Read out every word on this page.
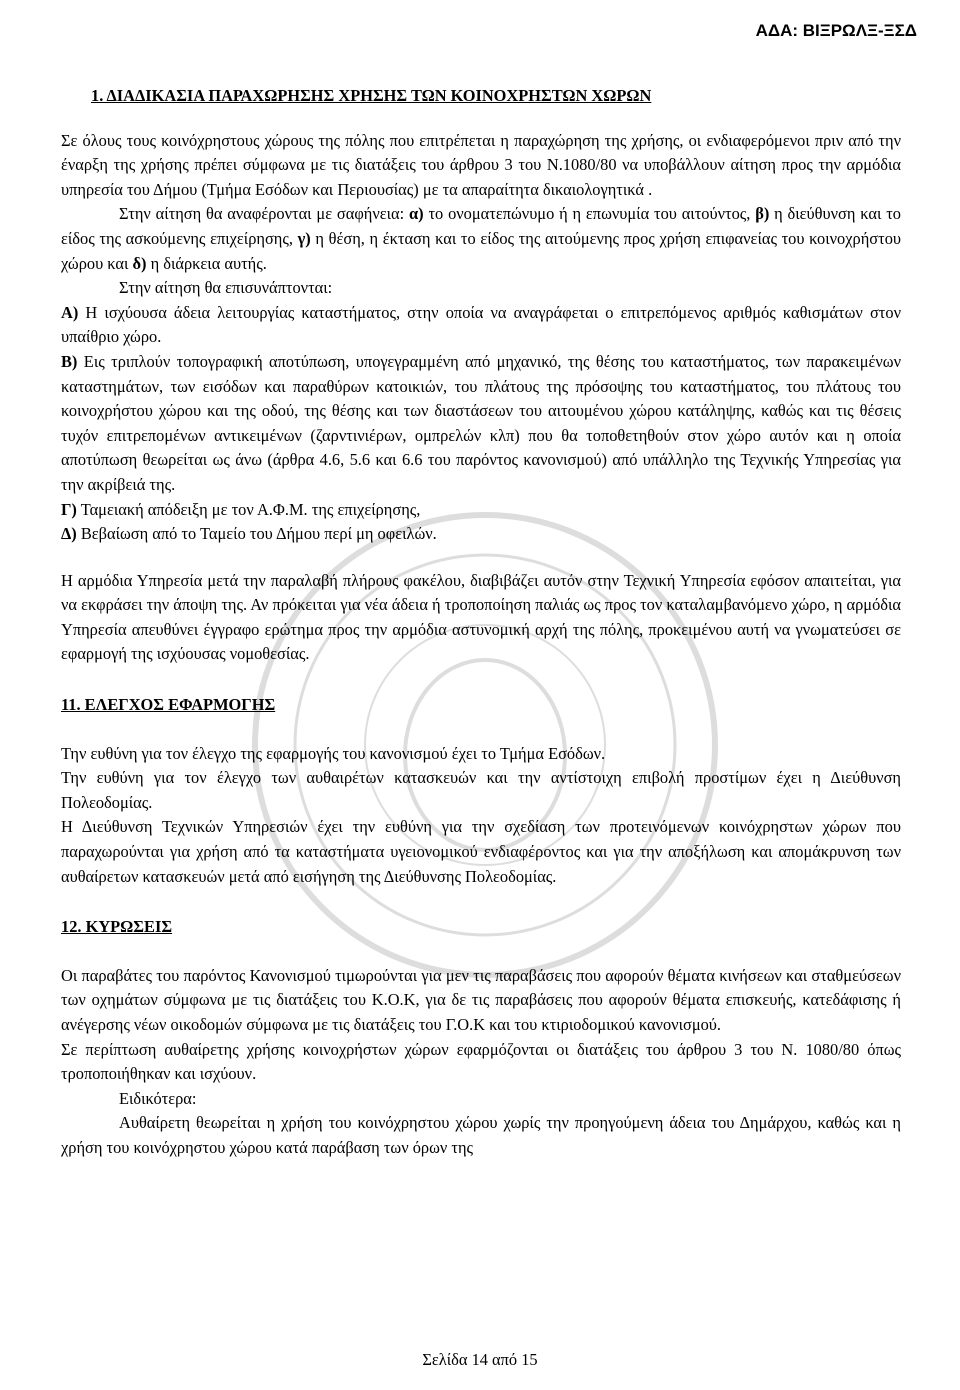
ΑΔΑ: ΒΙΞΡΩΛΞ-ΞΣΔ

1. ΔΙΑΔΙΚΑΣΙΑ ΠΑΡΑΧΩΡΗΣΗΣ ΧΡΗΣΗΣ ΤΩΝ ΚΟΙΝΟΧΡΗΣΤΩΝ ΧΩΡΩΝ

Σε όλους τους κοινόχρηστους χώρους της πόλης που επιτρέπεται η παραχώρηση της χρήσης, οι ενδιαφερόμενοι πριν από την έναρξη της χρήσης πρέπει σύμφωνα με τις διατάξεις του άρθρου 3 του Ν.1080/80 να υποβάλλουν αίτηση προς την αρμόδια υπηρεσία του Δήμου (Τμήμα Εσόδων και Περιουσίας) με τα απαραίτητα δικαιολογητικά .

Στην αίτηση θα αναφέρονται με σαφήνεια: α) το ονοματεπώνυμο ή η επωνυμία του αιτούντος, β) η διεύθυνση και το είδος της ασκούμενης επιχείρησης, γ) η θέση, η έκταση και το είδος της αιτούμενης προς χρήση επιφανείας του κοινοχρήστου χώρου και δ) η διάρκεια αυτής.

Στην αίτηση θα επισυνάπτονται:

Α) Η ισχύουσα άδεια λειτουργίας καταστήματος, στην οποία να αναγράφεται ο επιτρεπόμενος αριθμός καθισμάτων στον υπαίθριο χώρο.

Β) Εις τριπλούν τοπογραφική αποτύπωση, υπογεγραμμένη από μηχανικό, της θέσης του καταστήματος, των παρακειμένων καταστημάτων, των εισόδων και παραθύρων κατοικιών, του πλάτους της πρόσοψης του καταστήματος, του πλάτους του κοινοχρήστου χώρου και της οδού, της θέσης και των διαστάσεων του αιτουμένου χώρου κατάληψης, καθώς και τις θέσεις τυχόν επιτρεπομένων αντικειμένων (ζαρντινιέρων, ομπρελών κλπ) που θα τοποθετηθούν στον χώρο αυτόν και η οποία αποτύπωση θεωρείται ως άνω (άρθρα 4.6, 5.6 και 6.6 του παρόντος κανονισμού) από υπάλληλο της Τεχνικής Υπηρεσίας για την ακρίβειά της.

Γ) Ταμειακή απόδειξη με τον Α.Φ.Μ. της επιχείρησης,

Δ) Βεβαίωση από το Ταμείο του Δήμου περί μη οφειλών.

Η αρμόδια Υπηρεσία μετά την παραλαβή πλήρους φακέλου, διαβιβάζει αυτόν στην Τεχνική Υπηρεσία εφόσον απαιτείται, για να εκφράσει την άποψη της. Αν πρόκειται για νέα άδεια ή τροποποίηση παλιάς ως προς τον καταλαμβανόμενο χώρο, η αρμόδια Υπηρεσία απευθύνει έγγραφο ερώτημα προς την αρμόδια αστυνομική αρχή της πόλης, προκειμένου αυτή να γνωματεύσει σε εφαρμογή της ισχύουσας νομοθεσίας.

11. ΕΛΕΓΧΟΣ ΕΦΑΡΜΟΓΗΣ

Την ευθύνη για τον έλεγχο της εφαρμογής του κανονισμού έχει το Τμήμα Εσόδων.

Την ευθύνη για τον έλεγχο των αυθαιρέτων κατασκευών και την αντίστοιχη επιβολή προστίμων έχει η Διεύθυνση Πολεοδομίας.

Η Διεύθυνση Τεχνικών Υπηρεσιών έχει την ευθύνη για την σχεδίαση των προτεινόμενων κοινόχρηστων χώρων που παραχωρούνται για χρήση από τα καταστήματα υγειονομικού ενδιαφέροντος και για την αποξήλωση και απομάκρυνση των αυθαίρετων κατασκευών μετά από εισήγηση της Διεύθυνσης Πολεοδομίας.

12. ΚΥΡΩΣΕΙΣ

Οι παραβάτες του παρόντος Κανονισμού τιμωρούνται για μεν τις παραβάσεις που αφορούν θέματα κινήσεων και σταθμεύσεων των οχημάτων σύμφωνα με τις διατάξεις του Κ.Ο.Κ, για δε τις παραβάσεις που αφορούν θέματα επισκευής, κατεδάφισης ή ανέγερσης νέων οικοδομών σύμφωνα με τις διατάξεις του Γ.Ο.Κ και του κτιριοδομικού κανονισμού.

Σε περίπτωση αυθαίρετης χρήσης κοινοχρήστων χώρων εφαρμόζονται οι διατάξεις του άρθρου 3 του Ν. 1080/80 όπως τροποποιήθηκαν και ισχύουν.

Ειδικότερα:

Αυθαίρετη θεωρείται η χρήση του κοινόχρηστου χώρου χωρίς την προηγούμενη άδεια του Δημάρχου, καθώς και η χρήση του κοινόχρηστου χώρου κατά παράβαση των όρων της

Σελίδα 14 από 15
